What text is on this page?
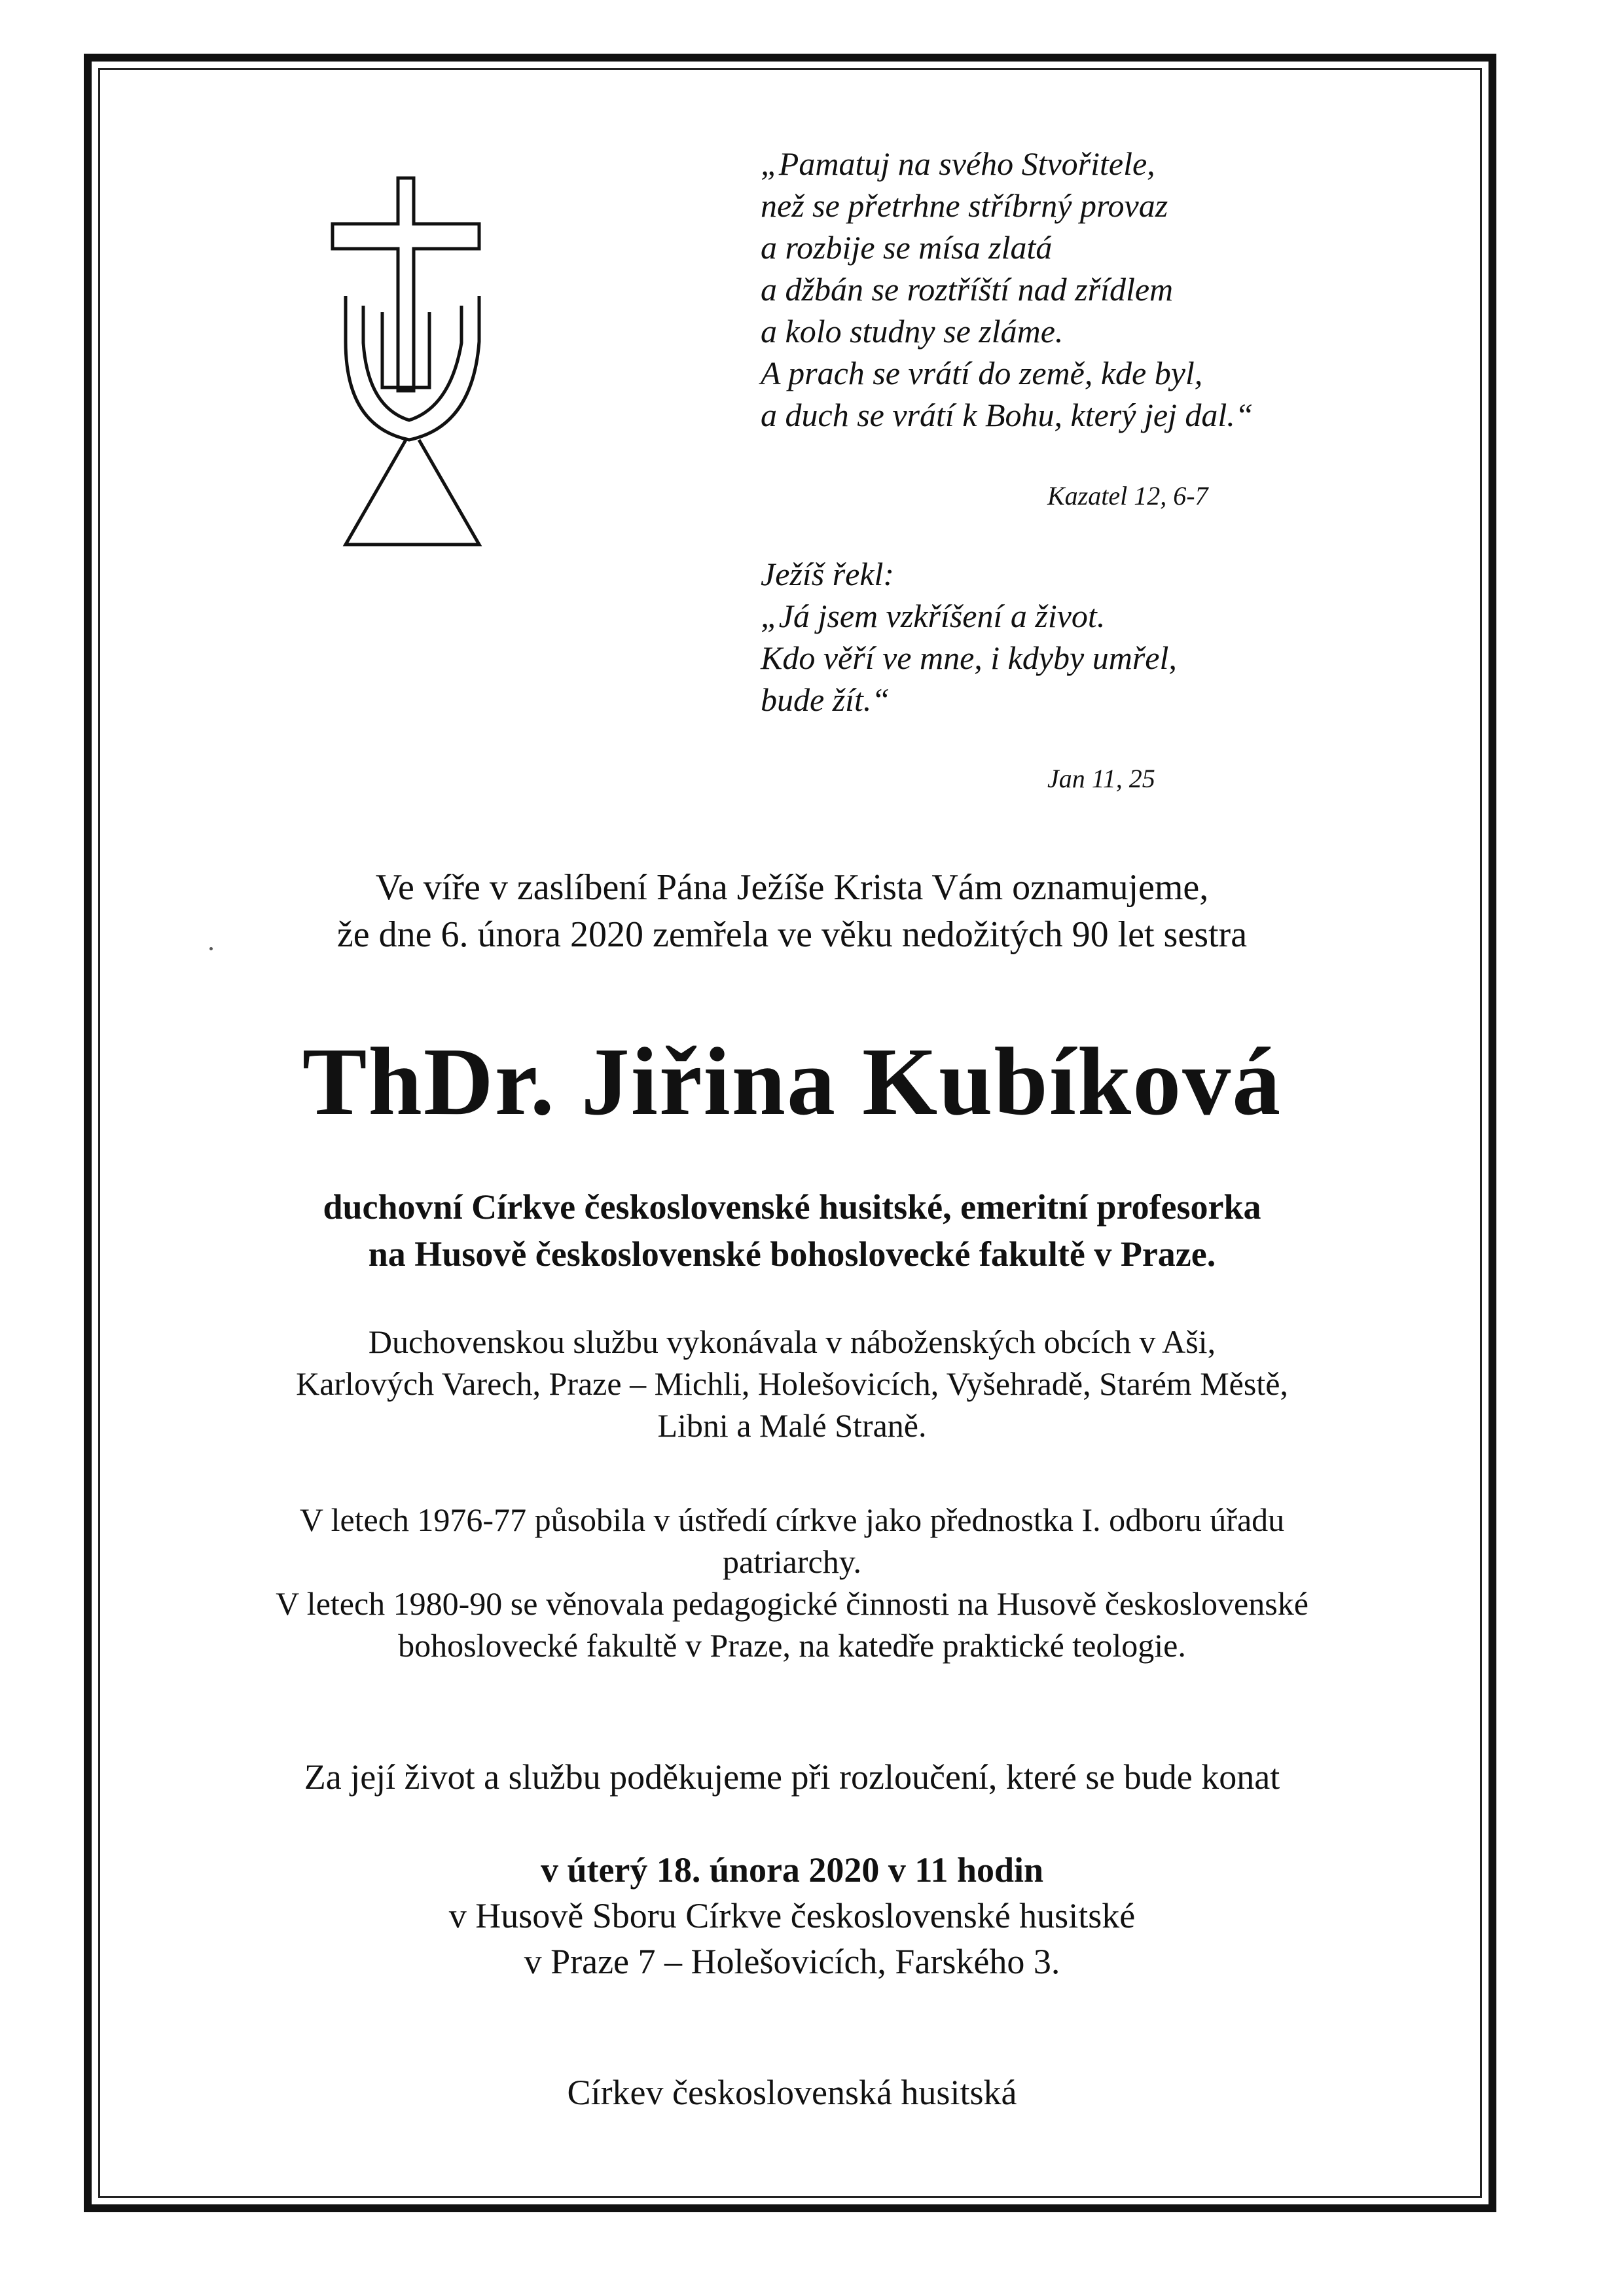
„Pamatuj na svého Stvořitele,
než se přetrhne stříbrný provaz
a rozbije se mísa zlatá
a džbán se roztříští nad zřídlem
a kolo studny se zláme.
A prach se vrátí do země, kde byl,
a duch se vrátí k Bohu, který jej dal.“
Kazatel 12, 6-7
Ježíš řekl:
„Já jsem vzkříšení a život.
Kdo věří ve mne, i kdyby umřel,
bude žít.“
Jan 11, 25
Ve víře v zaslíbení Pána Ježíše Krista Vám oznamujeme,
že dne 6. února 2020 zemřela ve věku nedožitých 90 let sestra
ThDr. Jiřina Kubíková
duchovní Církve československé husitské, emeritní profesorka
na Husově československé bohoslovecké fakultě v Praze.
Duchovenskou službu vykonávala v náboženských obcích v Aši,
Karlových Varech, Praze – Michli, Holešovicích, Vyšehradě, Starém Městě,
Libni a Malé Straně.
V letech 1976-77 působila v ústředí církve jako přednostka I. odboru úřadu
patriarchy.
V letech 1980-90 se věnovala pedagogické činnosti na Husově československé
bohoslovecké fakultě v Praze, na katedře praktické teologie.
Za její život a službu poděkujeme při rozloučení, které se bude konat
v úterý 18. února 2020 v 11 hodin
v Husově Sboru Církve československé husitské
v Praze 7 – Holešovicích, Farského 3.
Církev československá husitská
